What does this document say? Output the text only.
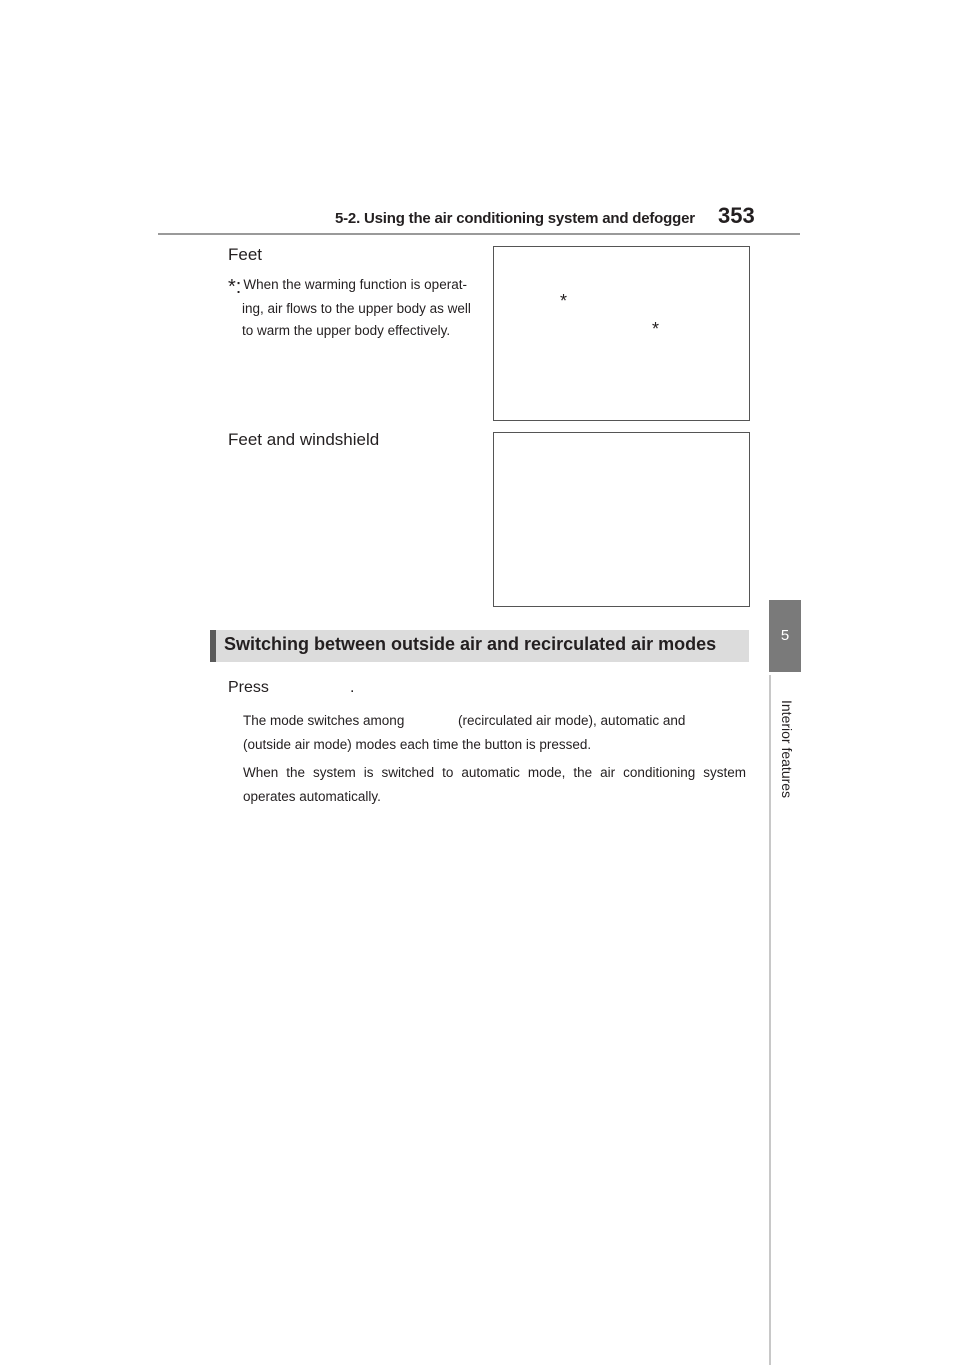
5-2. Using the air conditioning system and defogger 353
5
Interior features
Feet
*: When the warming function is operat-
ing, air flows to the upper body as well
to warm the upper body effectively.
*
*
Feet and windshield
Switching between outside air and recirculated air modes
Press	.
The mode switches among	(recirculated air mode), automatic and
(outside air mode) modes each time the button is pressed.
When the system is switched to automatic mode, the air conditioning system
operates automatically.
